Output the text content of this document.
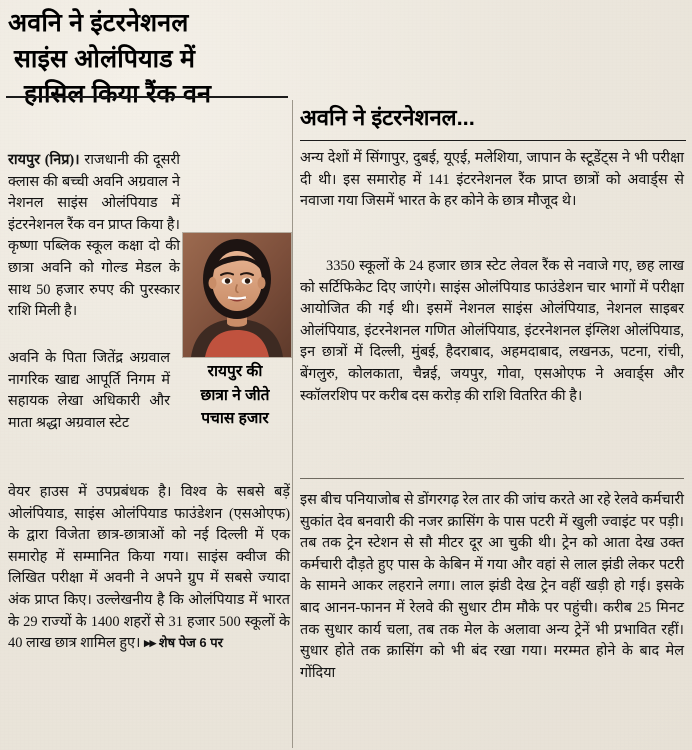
अवनि ने इंटरनेशनल
साइंस ओलंपियाड में
हासिल किया रैंक वन
अवनि ने इंटरनेशनल...

रायपुर (निप्र)। राजधानी की दूसरी क्लास की बच्ची अवनि अग्रवाल ने नेशनल साइंस ओलंपियाड में इंटरनेशनल रैंक वन प्राप्त किया है। कृष्णा पब्लिक स्कूल कक्षा दो की छात्रा अवनि को गोल्ड मेडल के साथ 50 हजार रुपए की पुरस्कार राशि मिली है।

अवनि के पिता जितेंद्र अग्रवाल नागरिक खाद्य आपूर्ति निगम में सहायक लेखा अधिकारी और माता श्रद्धा अग्रवाल स्टेट

रायपुर की
छात्रा ने जीते
पचास हजार

वेयर हाउस में उपप्रबंधक है। विश्व के सबसे बड़ें ओलंपियाड, साइंस ओलंपियाड फाउंडेशन (एसओएफ) के द्वारा विजेता छात्र-छात्राओं को नई दिल्ली में एक समारोह में सम्मानित किया गया। साइंस क्वीज की लिखित परीक्षा में अवनी ने अपने ग्रुप में सबसे ज्यादा अंक प्राप्त किए। उल्लेखनीय है कि ओलंपियाड में भारत के 29 राज्यों के 1400 शहरों से 31 हजार 500 स्कूलों के 40 लाख छात्र शामिल हुए। ▸▸ शेष पेज 6 पर

अन्य देशों में सिंगापुर, दुबई, यूएई, मलेशिया, जापान के स्टूडेंट्स ने भी परीक्षा दी थी। इस समारोह में 141 इंटरनेशनल रैंक प्राप्त छात्रों को अवार्ड्स से नवाजा गया जिसमें भारत के हर कोने के छात्र मौजूद थे।

3350 स्कूलों के 24 हजार छात्र स्टेट लेवल रैंक से नवाजे गए, छह लाख को सर्टिफिकेट दिए जाएंगे। साइंस ओलंपियाड फाउंडेशन चार भागों में परीक्षा आयोजित की गई थी। इसमें नेशनल साइंस ओलंपियाड, नेशनल साइबर ओलंपियाड, इंटरनेशनल गणित ओलंपियाड, इंटरनेशनल इंग्लिश ओलंपियाड, इन छात्रों में दिल्ली, मुंबई, हैदराबाद, अहमदाबाद, लखनऊ, पटना, रांची, बेंगलुरु, कोलकाता, चैन्नई, जयपुर, गोवा, एसओएफ ने अवार्ड्स और स्कॉलरशिप पर करीब दस करोड़ की राशि वितरित की है।

इस बीच पनियाजोब से डोंगरगढ़ रेल तार की जांच करते आ रहे रेलवे कर्मचारी सुकांत देव बनवारी की नजर क्रासिंग के पास पटरी में खुली ज्वाइंट पर पड़ी। तब तक ट्रेन स्टेशन से सौ मीटर दूर आ चुकी थी। ट्रेन को आता देख उक्त कर्मचारी दौड़ते हुए पास के केबिन में गया और वहां से लाल झंडी लेकर पटरी के सामने आकर लहराने लगा। लाल झंडी देख ट्रेन वहीं खड़ी हो गई। इसके बाद आनन-फानन में रेलवे की सुधार टीम मौके पर पहुंची। करीब 25 मिनट तक सुधार कार्य चला, तब तक मेल के अलावा अन्य ट्रेनें भी प्रभावित रहीं। सुधार होते तक क्रासिंग को भी बंद रखा गया। मरम्मत होने के बाद मेल गोंदिया
